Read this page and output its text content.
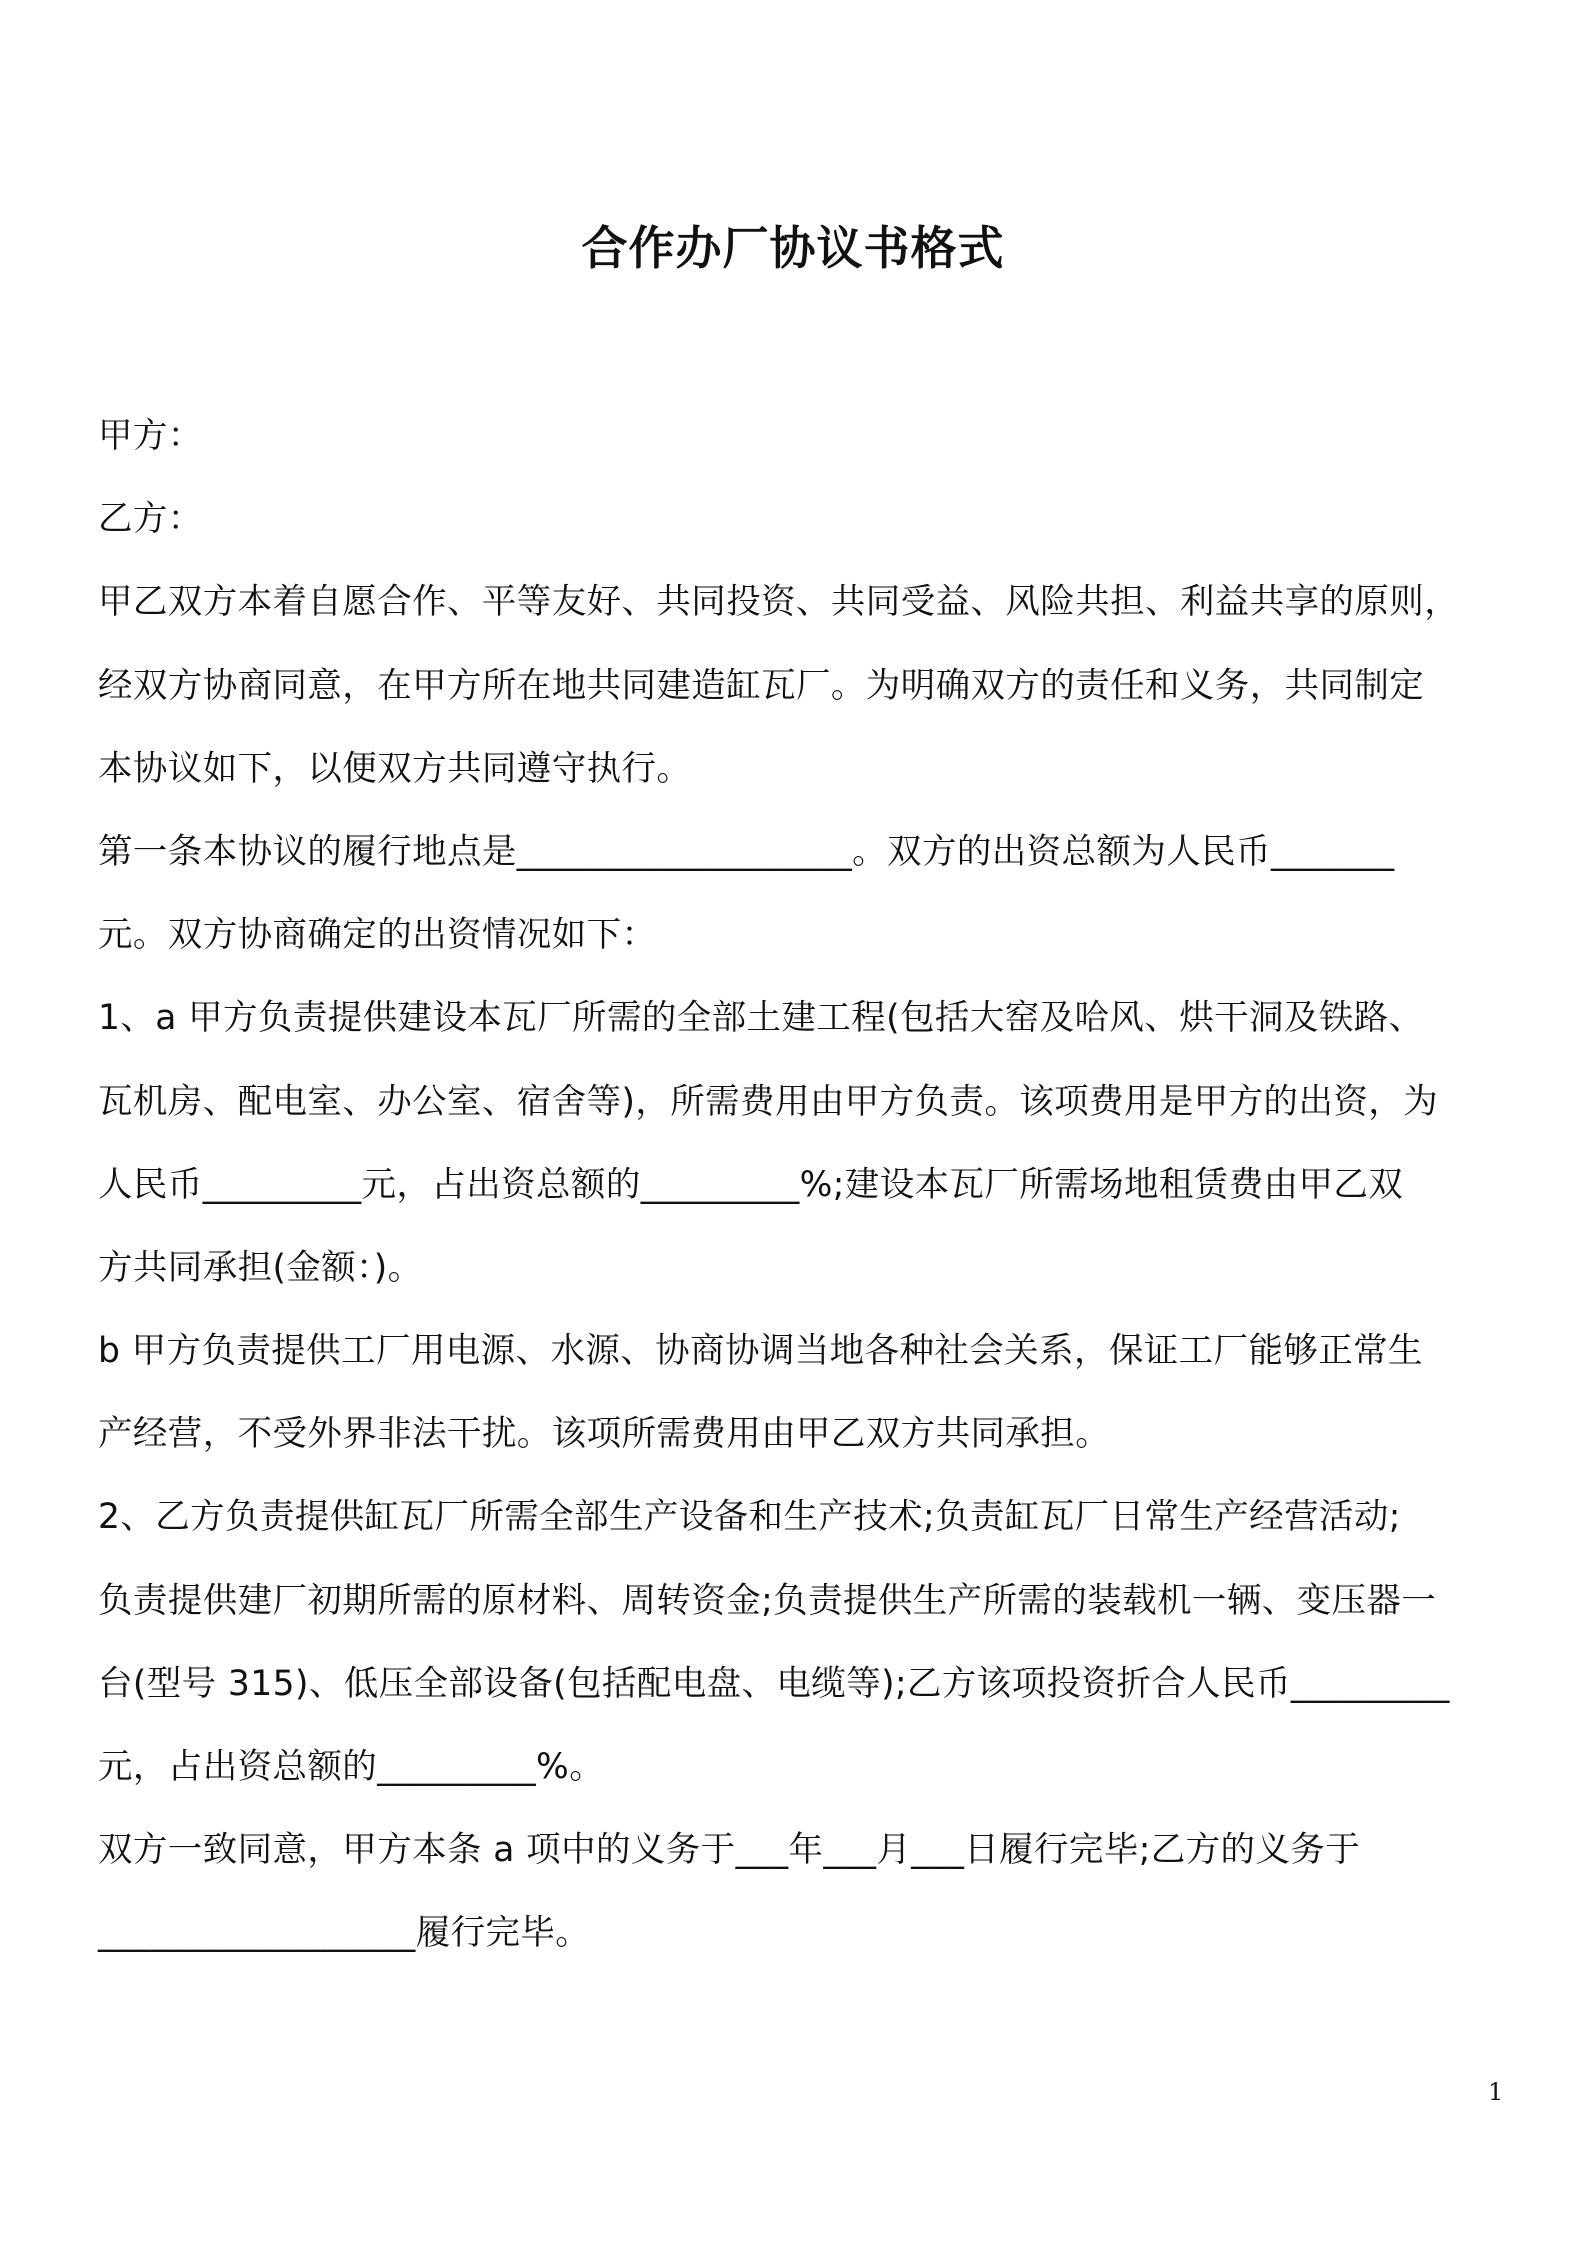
合作办厂协议书格式
甲方：
乙方：
甲乙双方本着自愿合作、平等友好、共同投资、共同受益、风险共担、利益共享的原则，
经双方协商同意，在甲方所在地共同建造缸瓦厂。为明确双方的责任和义务，共同制定
本协议如下，以便双方共同遵守执行。
第一条本协议的履行地点是___________________。双方的出资总额为人民币_______
元。双方协商确定的出资情况如下：
1、a 甲方负责提供建设本瓦厂所需的全部土建工程(包括大窑及哈风、烘干洞及铁路、
瓦机房、配电室、办公室、宿舍等)，所需费用由甲方负责。该项费用是甲方的出资，为
人民币_________元，占出资总额的_________%;建设本瓦厂所需场地租赁费由甲乙双
方共同承担(金额：)。
b 甲方负责提供工厂用电源、水源、协商协调当地各种社会关系，保证工厂能够正常生
产经营，不受外界非法干扰。该项所需费用由甲乙双方共同承担。
2、乙方负责提供缸瓦厂所需全部生产设备和生产技术;负责缸瓦厂日常生产经营活动;
负责提供建厂初期所需的原材料、周转资金;负责提供生产所需的装载机一辆、变压器一
台(型号 315)、低压全部设备(包括配电盘、电缆等);乙方该项投资折合人民币_________
元，占出资总额的_________%。
双方一致同意，甲方本条 a 项中的义务于___年___月___日履行完毕;乙方的义务于
__________________履行完毕。
1
